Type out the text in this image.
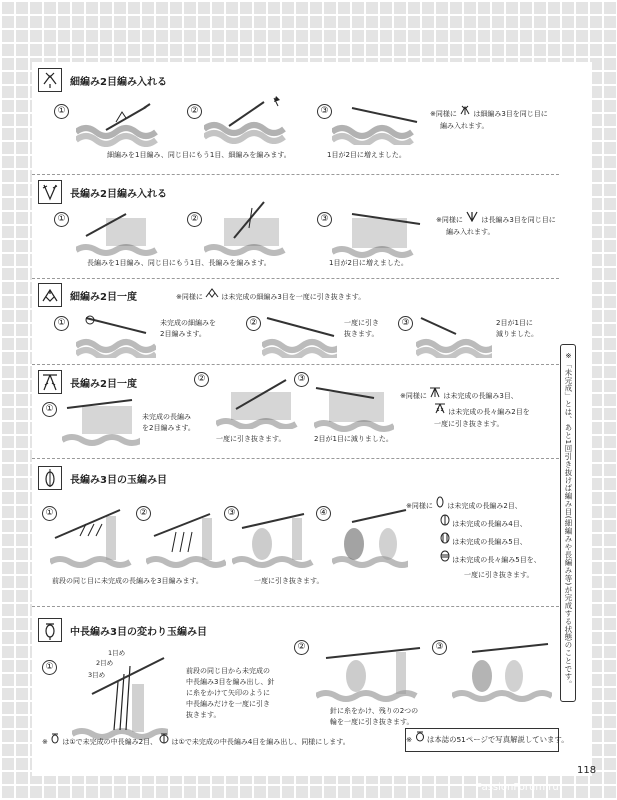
細編み2目編み入れる
①	②	③
細編みを1目編み、同じ目にもう1目、細編みを編みます。	1目が2目に増えました。
※同様に は細編み3目を同じ目に
編み入れます。
長編み2目編み入れる
①	②	③
長編みを1目編み、同じ目にもう1目、長編みを編みます。	1目が2目に増えました。
※同様に	は長編み3目を同じ目に
編み入れます。
細編み2目一度	※同様に	は未完成の細編み3目を一度に引き抜きます。
①	未完成の細編みを
2目編みます。
②	一度に引き
抜きます。
③	2目が1目に
減りました。
長編み2目一度
①
未完成の長編み
を2目編みます。
②
一度に引き抜きます。
③
2目が1目に減りました。
※同様に は未完成の長編み3目、
は未完成の長々編み2目を
一度に引き抜きます。
長編み3目の玉編み目
①	②	③	④
前段の同じ目に未完成の長編みを3目編みます。	一度に引き抜きます。
※同様に は未完成の長編み2目、
は未完成の長編み4目、
は未完成の長編み5目、
は未完成の長々編み5目を、
一度に引き抜きます。
中長編み3目の変わり玉編み目
①
1目め
2目め
3目め	前段の同じ目から未完成の
中長編み3目を編み出し、針
に糸をかけて矢印のように
中長編みだけを一度に引き
抜きます。
②
針に糸をかけ、残りの2つの
輪を一度に引き抜きます。
③
※ は①で未完成の中長編み2目、 は①で未完成の中長編み4目を編み出し、同様にします。	※ は本誌の51ページで写真解説しています。
※「未完成」とは、あと1回引き抜けば編み目(細編みや長編み等)が完成する状態のことです。
118
PassionForum.ru
